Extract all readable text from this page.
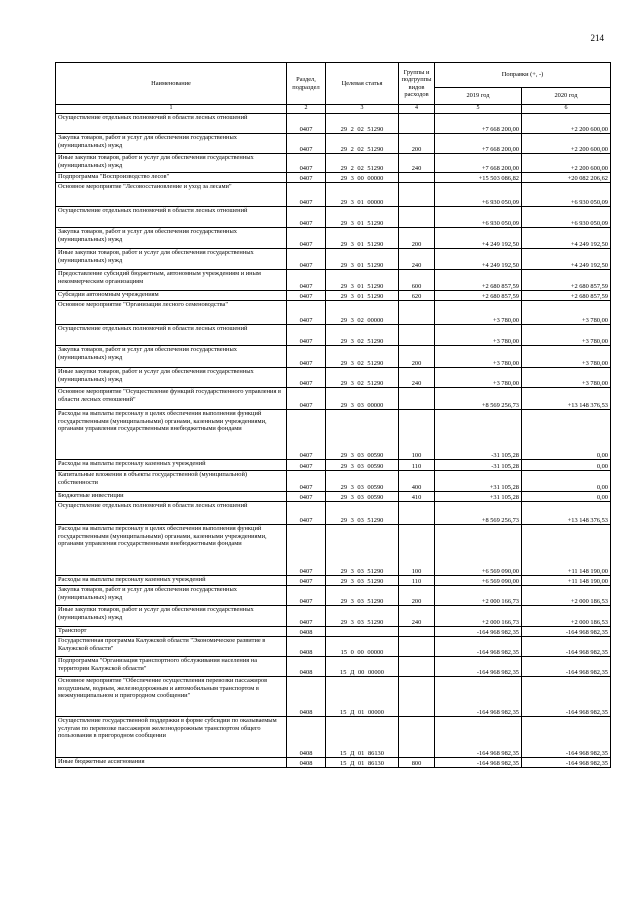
214
Наименование	Раздел, подраздел	Целевая статья	Группы и подгруппы видов расходов	Поправки (+, -)	
				2019 год	2020 год
1	2	3	4	5	6
Осуществление отдельных полномочий в области лесных отношений	0407	29 2 02 51290		+7 668 200,00	+2 200 600,00
Закупка товаров, работ и услуг для обеспечения государственных (муниципальных) нужд	0407	29 2 02 51290	200	+7 668 200,00	+2 200 600,00
Иные закупки товаров, работ и услуг для обеспечения государственных (муниципальных) нужд	0407	29 2 02 51290	240	+7 668 200,00	+2 200 600,00
Подпрограмма "Воспроизводство лесов"	0407	29 3 00 00000		+15 503 086,82	+20 082 206,62
Основное мероприятие "Лесовосстановление и уход за лесами"	0407	29 3 01 00000		+6 930 050,09	+6 930 050,09
Осуществление отдельных полномочий в области лесных отношений	0407	29 3 01 51290		+6 930 050,09	+6 930 050,09
Закупка товаров, работ и услуг для обеспечения государственных (муниципальных) нужд	0407	29 3 01 51290	200	+4 249 192,50	+4 249 192,50
Иные закупки товаров, работ и услуг для обеспечения государственных (муниципальных) нужд	0407	29 3 01 51290	240	+4 249 192,50	+4 249 192,50
Предоставление субсидий бюджетным, автономным учреждениям и иным некоммерческим организациям	0407	29 3 01 51290	600	+2 680 857,59	+2 680 857,59
Субсидии автономным учреждениям	0407	29 3 01 51290	620	+2 680 857,59	+2 680 857,59
Основное мероприятие "Организация лесного семеноводства"	0407	29 3 02 00000		+3 780,00	+3 780,00
Осуществление отдельных полномочий в области лесных отношений	0407	29 3 02 51290		+3 780,00	+3 780,00
Закупка товаров, работ и услуг для обеспечения государственных (муниципальных) нужд	0407	29 3 02 51290	200	+3 780,00	+3 780,00
Иные закупки товаров, работ и услуг для обеспечения государственных (муниципальных) нужд	0407	29 3 02 51290	240	+3 780,00	+3 780,00
Основное мероприятие "Осуществление функций государственного управления в области лесных отношений"	0407	29 3 03 00000		+8 569 256,73	+13 148 376,53
Расходы на выплаты персоналу в целях обеспечения выполнения функций государственными (муниципальными) органами, казенными учреждениями, органами управления государственными внебюджетными фондами	0407	29 3 03 00590	100	-31 105,28	0,00
Расходы на выплаты персоналу казенных учреждений	0407	29 3 03 00590	110	-31 105,28	0,00
Капитальные вложения в объекты государственной (муниципальной) собственности	0407	29 3 03 00590	400	+31 105,28	0,00
Бюджетные инвестиции	0407	29 3 03 00590	410	+31 105,28	0,00
Осуществление отдельных полномочий в области лесных отношений	0407	29 3 03 51290		+8 569 256,73	+13 148 376,53
Расходы на выплаты персоналу в целях обеспечения выполнения функций государственными (муниципальными) органами, казенными учреждениями, органами управления государственными внебюджетными фондами	0407	29 3 03 51290	100	+6 569 090,00	+11 148 190,00
Расходы на выплаты персоналу казенных учреждений	0407	29 3 03 51290	110	+6 569 090,00	+11 148 190,00
Закупка товаров, работ и услуг для обеспечения государственных (муниципальных) нужд	0407	29 3 03 51290	200	+2 000 166,73	+2 000 186,53
Иные закупки товаров, работ и услуг для обеспечения государственных (муниципальных) нужд	0407	29 3 03 51290	240	+2 000 166,73	+2 000 186,53
Транспорт	0408			-164 968 982,35	-164 968 982,35
Государственная программа Калужской области "Экономическое развитие в Калужской области"	0408	15 0 00 00000		-164 968 982,35	-164 968 982,35
Подпрограмма "Организация транспортного обслуживания населения на территории Калужской области"	0408	15 Д 00 00000		-164 968 982,35	-164 968 982,35
Основное мероприятие "Обеспечение осуществления перевозки пассажиров воздушным, водным, железнодорожным и автомобильным транспортом в межмуниципальном и пригородном сообщении"	0408	15 Д 01 00000		-164 968 982,35	-164 968 982,35
Осуществление государственной поддержки в форме субсидии по оказываемым услугам по перевозке пассажиров железнодорожным транспортом общего пользования в пригородном сообщении	0408	15 Д 01 86130		-164 968 982,35	-164 968 982,35
Иные бюджетные ассигнования	0408	15 Д 01 86130	800	-164 968 982,35	-164 968 982,35
